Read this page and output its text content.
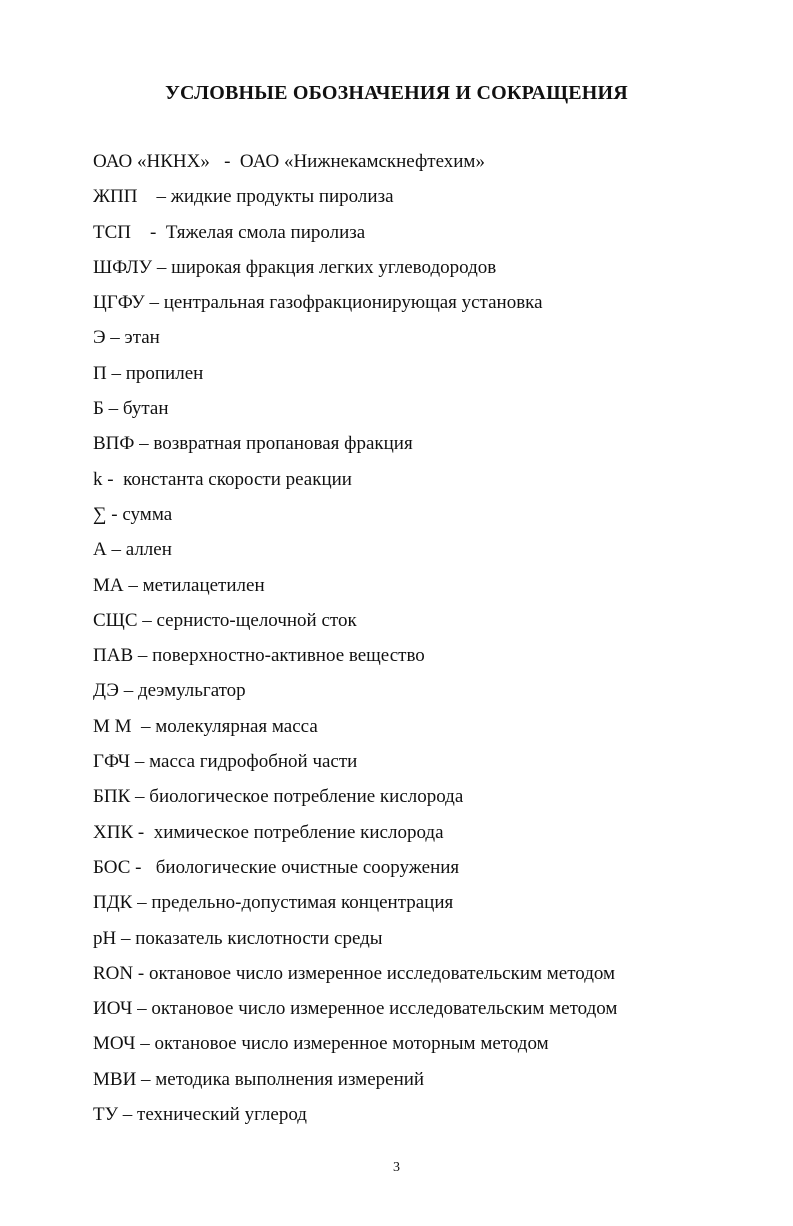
УСЛОВНЫЕ ОБОЗНАЧЕНИЯ И СОКРАЩЕНИЯ
ОАО «НКНХ»   -  ОАО «Нижнекамскнефтехим»
ЖПП    – жидкие продукты пиролиза
ТСП    -  Тяжелая смола пиролиза
ШФЛУ – широкая фракция легких углеводородов
ЦГФУ – центральная газофракционирующая установка
Э – этан
П – пропилен
Б – бутан
ВПФ – возвратная пропановая фракция
k -  константа скорости реакции
∑ - сумма
А – аллен
МА – метилацетилен
СЩС – сернисто-щелочной сток
ПАВ – поверхностно-активное вещество
ДЭ – деэмульгатор
М М  – молекулярная масса
ГФЧ – масса гидрофобной части
БПК – биологическое потребление кислорода
ХПК -  химическое потребление кислорода
БОС -   биологические очистные сооружения
ПДК – предельно-допустимая концентрация
pH – показатель кислотности среды
RON - октановое число измеренное исследовательским методом
ИОЧ – октановое число измеренное исследовательским методом
МОЧ – октановое число измеренное моторным методом
МВИ – методика выполнения измерений
ТУ – технический углерод
3
